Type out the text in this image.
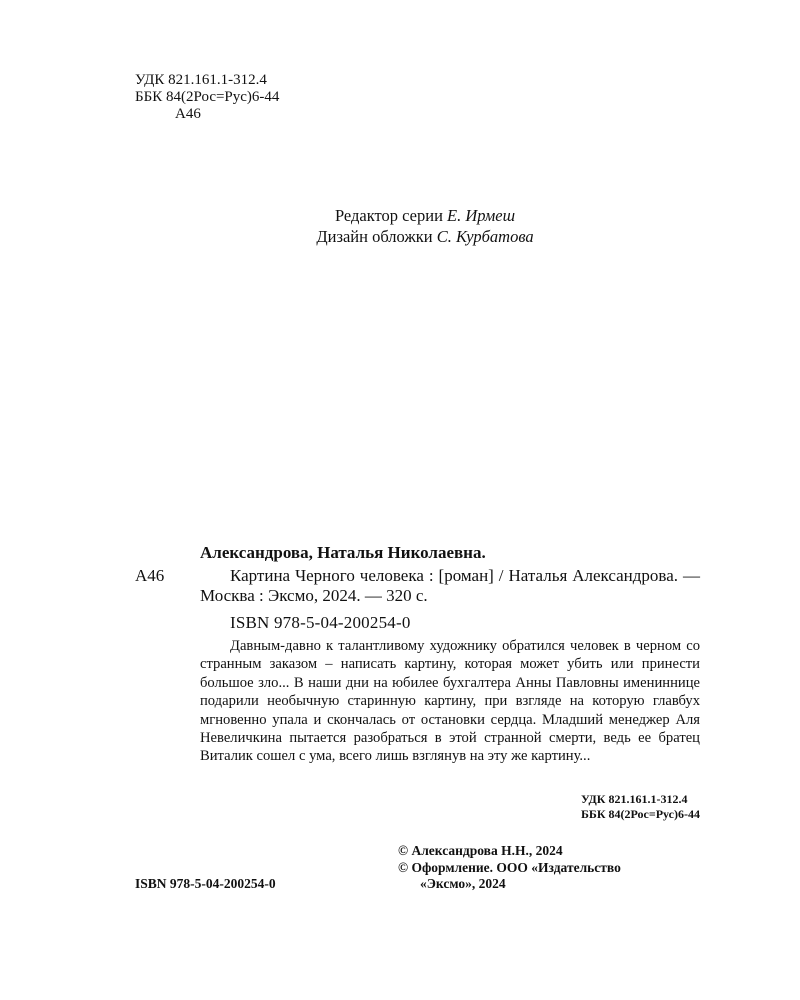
УДК 821.161.1-312.4
ББК 84(2Рос=Рус)6-44
А46
Редактор серии Е. Ирмеш
Дизайн обложки С. Курбатова
Александрова, Наталья Николаевна.
А46	Картина Черного человека : [роман] / Наталья Александрова. — Москва : Эксмо, 2024. — 320 с.
ISBN 978-5-04-200254-0
Давным-давно к талантливому художнику обратился человек в черном со странным заказом – написать картину, которая может убить или принести большое зло... В наши дни на юбилее бухгалтера Анны Павловны имениннице подарили необычную старинную картину, при взгляде на которую главбух мгновенно упала и скончалась от остановки сердца. Младший менеджер Аля Невеличкина пытается разобраться в этой странной смерти, ведь ее братец Виталик сошел с ума, всего лишь взглянув на эту же картину...
УДК 821.161.1-312.4
ББК 84(2Рос=Рус)6-44
© Александрова Н.Н., 2024
© Оформление. ООО «Издательство
«Эксмо», 2024
ISBN 978-5-04-200254-0
